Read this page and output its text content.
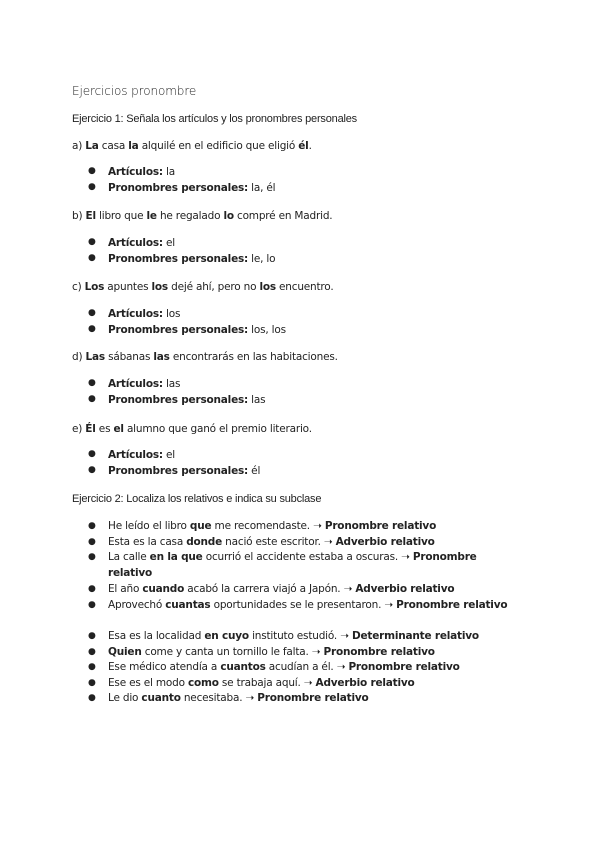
Ejercicios pronombre
Ejercicio 1: Señala los artículos y los pronombres personales
a) La casa la alquilé en el edificio que eligió él.
● Artículos: la
● Pronombres personales: la, él
b) El libro que le he regalado lo compré en Madrid.
● Artículos: el
● Pronombres personales: le, lo
c) Los apuntes los dejé ahí, pero no los encuentro.
● Artículos: los
● Pronombres personales: los, los
d) Las sábanas las encontrarás en las habitaciones.
● Artículos: las
● Pronombres personales: las
e) Él es el alumno que ganó el premio literario.
● Artículos: el
● Pronombres personales: él
Ejercicio 2: Localiza los relativos e indica su subclase
● He leído el libro que me recomendaste. ➝ Pronombre relativo
● Esta es la casa donde nació este escritor. ➝ Adverbio relativo
● La calle en la que ocurrió el accidente estaba a oscuras. ➝ Pronombre relativo
● El año cuando acabó la carrera viajó a Japón. ➝ Adverbio relativo
● Aprovechó cuantas oportunidades se le presentaron. ➝ Pronombre relativo
● Esa es la localidad en cuyo instituto estudió. ➝ Determinante relativo
● Quien come y canta un tornillo le falta. ➝ Pronombre relativo
● Ese médico atendía a cuantos acudían a él. ➝ Pronombre relativo
● Ese es el modo como se trabaja aquí. ➝ Adverbio relativo
● Le dio cuanto necesitaba. ➝ Pronombre relativo
